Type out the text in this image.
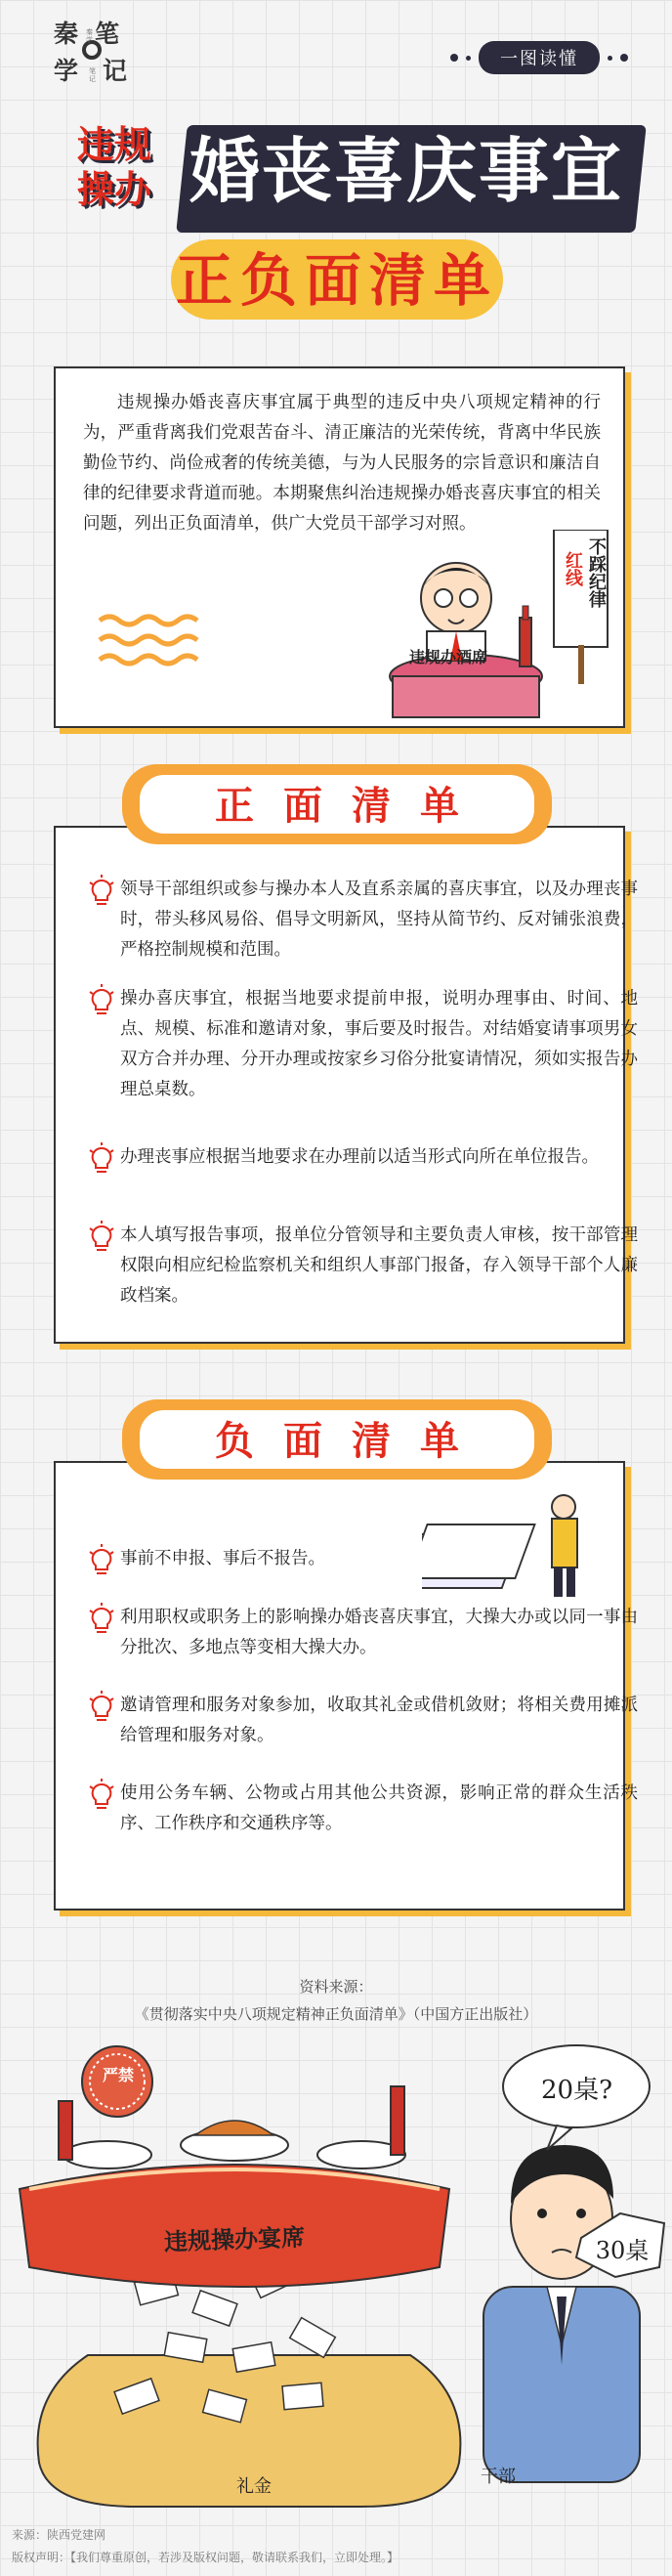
秦 笔
学 记
秦学
笔记
一图读懂
违规
操办 婚丧喜庆事宜
正负面清单

违规操办婚丧喜庆事宜属于典型的违反中央八项规定精神的行为，严重背离我们党艰苦奋斗、清正廉洁的光荣传统，背离中华民族勤俭节约、尚俭戒奢的传统美德，与为人民服务的宗旨意识和廉洁自律的纪律要求背道而驰。本期聚焦纠治违规操办婚丧喜庆事宜的相关问题，列出正负面清单，供广大党员干部学习对照。

违规办酒席
不踩纪律
红线
正面清单
领导干部组织或参与操办本人及直系亲属的喜庆事宜，以及办理丧事时，带头移风易俗、倡导文明新风，坚持从简节约、反对铺张浪费，严格控制规模和范围。
操办喜庆事宜，根据当地要求提前申报，说明办理事由、时间、地点、规模、标准和邀请对象，事后要及时报告。对结婚宴请事项男女双方合并办理、分开办理或按家乡习俗分批宴请情况，须如实报告办理总桌数。
办理丧事应根据当地要求在办理前以适当形式向所在单位报告。
本人填写报告事项，报单位分管领导和主要负责人审核，按干部管理权限向相应纪检监察机关和组织人事部门报备，存入领导干部个人廉政档案。
负面清单
事前不申报、事后不报告。
利用职权或职务上的影响操办婚丧喜庆事宜，大操大办或以同一事由分批次、多地点等变相大操大办。
邀请管理和服务对象参加，收取其礼金或借机敛财；将相关费用摊派给管理和服务对象。
使用公务车辆、公物或占用其他公共资源，影响正常的群众生活秩序、工作秩序和交通秩序等。
资料来源：
《贯彻落实中央八项规定精神正负面清单》（中国方正出版社）
严禁
违规操办宴席
20桌?
30桌
干部
礼金
来源：陕西党建网
版权声明：【我们尊重原创，若涉及版权问题，敬请联系我们，立即处理。】
